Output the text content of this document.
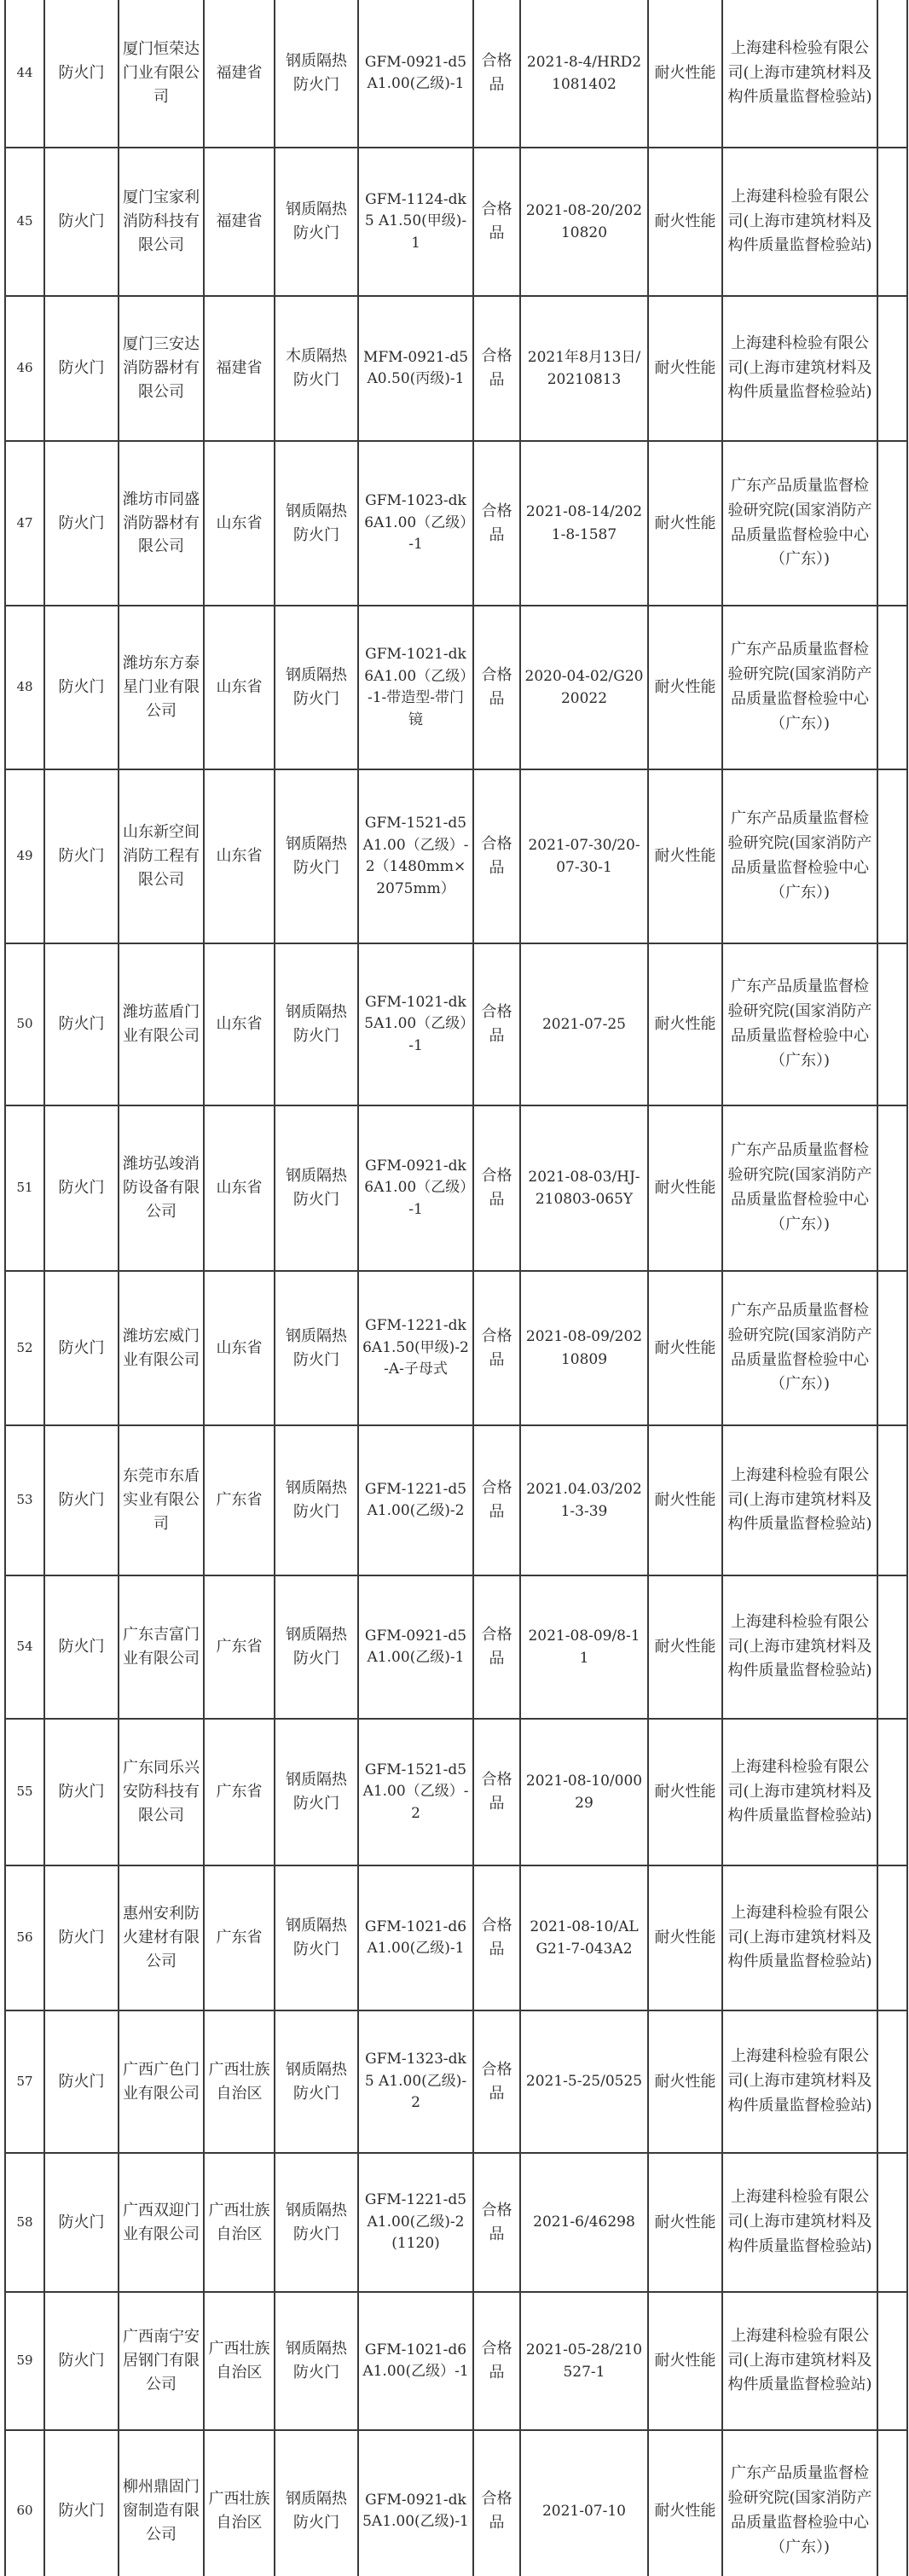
44	防火门	厦门恒荣达门业有限公司	福建省	钢质隔热防火门	GFM-0921-d5A1.00(乙级)-1	合格品	2021-8-4/HRD21081402	耐火性能	上海建科检验有限公司(上海市建筑材料及构件质量监督检验站)	
45	防火门	厦门宝家利消防科技有限公司	福建省	钢质隔热防火门	GFM-1124-dk5 A1.50(甲级)-1	合格品	2021-08-20/20210820	耐火性能	上海建科检验有限公司(上海市建筑材料及构件质量监督检验站)	
46	防火门	厦门三安达消防器材有限公司	福建省	木质隔热防火门	MFM-0921-d5A0.50(丙级)-1	合格品	2021年8月13日/20210813	耐火性能	上海建科检验有限公司(上海市建筑材料及构件质量监督检验站)	
47	防火门	潍坊市同盛消防器材有限公司	山东省	钢质隔热防火门	GFM-1023-dk6A1.00（乙级）-1	合格品	2021-08-14/2021-8-1587	耐火性能	广东产品质量监督检验研究院(国家消防产品质量监督检验中心（广东）)	
48	防火门	潍坊东方泰星门业有限公司	山东省	钢质隔热防火门	GFM-1021-dk6A1.00（乙级）-1-带造型-带门镜	合格品	2020-04-02/G2020022	耐火性能	广东产品质量监督检验研究院(国家消防产品质量监督检验中心（广东）)	
49	防火门	山东新空间消防工程有限公司	山东省	钢质隔热防火门	GFM-1521-d5A1.00（乙级）-2（1480mm×2075mm）	合格品	2021-07-30/20-07-30-1	耐火性能	广东产品质量监督检验研究院(国家消防产品质量监督检验中心（广东）)	
50	防火门	潍坊蓝盾门业有限公司	山东省	钢质隔热防火门	GFM-1021-dk5A1.00（乙级）-1	合格品	2021-07-25	耐火性能	广东产品质量监督检验研究院(国家消防产品质量监督检验中心（广东）)	
51	防火门	潍坊弘竣消防设备有限公司	山东省	钢质隔热防火门	GFM-0921-dk6A1.00（乙级）-1	合格品	2021-08-03/HJ-210803-065Y	耐火性能	广东产品质量监督检验研究院(国家消防产品质量监督检验中心（广东）)	
52	防火门	潍坊宏威门业有限公司	山东省	钢质隔热防火门	GFM-1221-dk6A1.50(甲级)-2-A-子母式	合格品	2021-08-09/20210809	耐火性能	广东产品质量监督检验研究院(国家消防产品质量监督检验中心（广东）)	
53	防火门	东莞市东盾实业有限公司	广东省	钢质隔热防火门	GFM-1221-d5A1.00(乙级)-2	合格品	2021.04.03/2021-3-39	耐火性能	上海建科检验有限公司(上海市建筑材料及构件质量监督检验站)	
54	防火门	广东吉富门业有限公司	广东省	钢质隔热防火门	GFM-0921-d5A1.00(乙级)-1	合格品	2021-08-09/8-11	耐火性能	上海建科检验有限公司(上海市建筑材料及构件质量监督检验站)	
55	防火门	广东同乐兴安防科技有限公司	广东省	钢质隔热防火门	GFM-1521-d5A1.00（乙级）-2	合格品	2021-08-10/00029	耐火性能	上海建科检验有限公司(上海市建筑材料及构件质量监督检验站)	
56	防火门	惠州安利防火建材有限公司	广东省	钢质隔热防火门	GFM-1021-d6A1.00(乙级)-1	合格品	2021-08-10/ALG21-7-043A2	耐火性能	上海建科检验有限公司(上海市建筑材料及构件质量监督检验站)	
57	防火门	广西广色门业有限公司	广西壮族自治区	钢质隔热防火门	GFM-1323-dk5 A1.00(乙级)-2	合格品	2021-5-25/0525	耐火性能	上海建科检验有限公司(上海市建筑材料及构件质量监督检验站)	
58	防火门	广西双迎门业有限公司	广西壮族自治区	钢质隔热防火门	GFM-1221-d5A1.00(乙级)-2(1120)	合格品	2021-6/46298	耐火性能	上海建科检验有限公司(上海市建筑材料及构件质量监督检验站)	
59	防火门	广西南宁安居钢门有限公司	广西壮族自治区	钢质隔热防火门	GFM-1021-d6A1.00(乙级）-1	合格品	2021-05-28/210527-1	耐火性能	上海建科检验有限公司(上海市建筑材料及构件质量监督检验站)	
60	防火门	柳州鼎固门窗制造有限公司	广西壮族自治区	钢质隔热防火门	GFM-0921-dk5A1.00(乙级)-1	合格品	2021-07-10	耐火性能	广东产品质量监督检验研究院(国家消防产品质量监督检验中心（广东）)	
